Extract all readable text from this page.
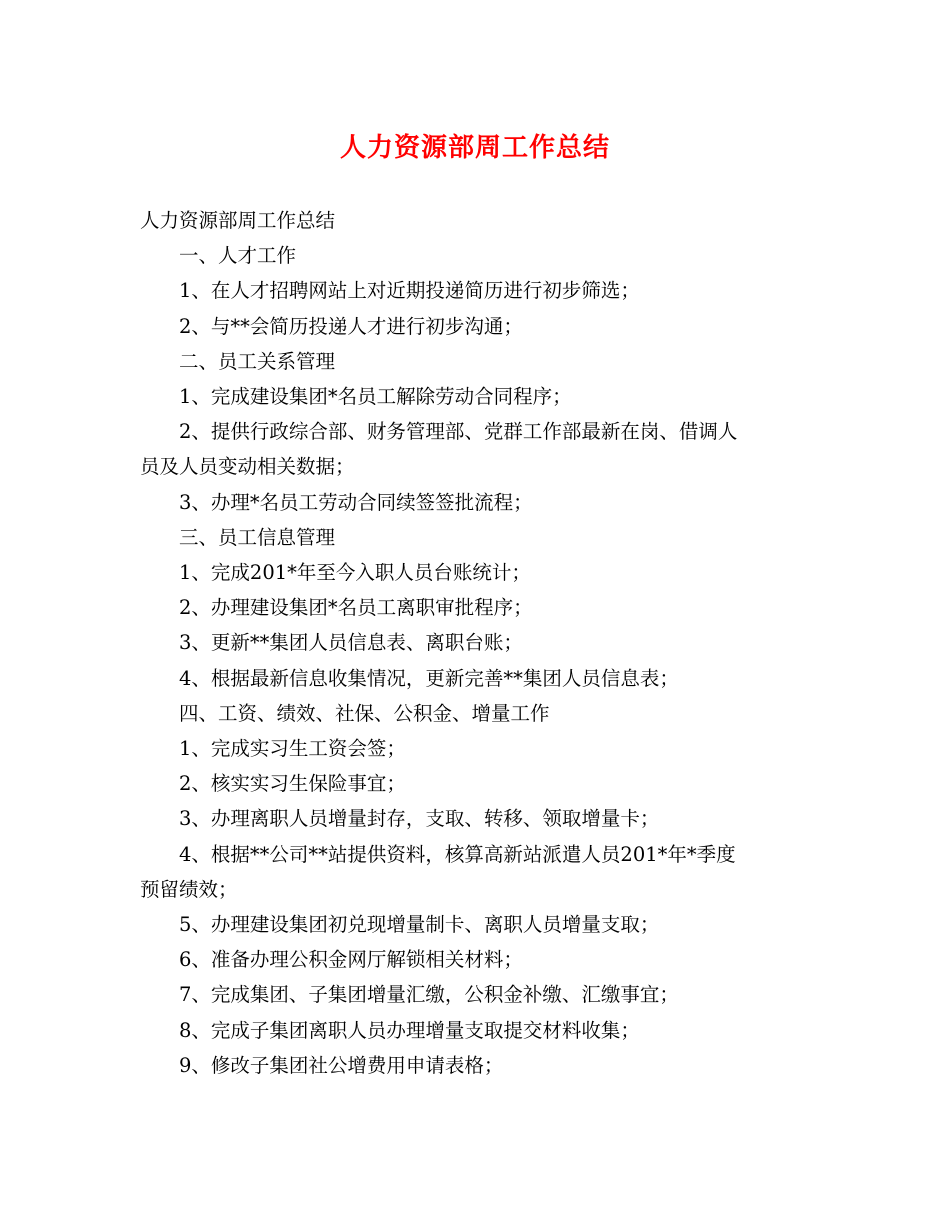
人力资源部周工作总结
人力资源部周工作总结
一、人才工作
1、在人才招聘网站上对近期投递简历进行初步筛选；
2、与**会简历投递人才进行初步沟通；
二、员工关系管理
1、完成建设集团*名员工解除劳动合同程序；
2、提供行政综合部、财务管理部、党群工作部最新在岗、借调人
员及人员变动相关数据；
3、办理*名员工劳动合同续签签批流程；
三、员工信息管理
1、完成201*年至今入职人员台账统计；
2、办理建设集团*名员工离职审批程序；
3、更新**集团人员信息表、离职台账；
4、根据最新信息收集情况，更新完善**集团人员信息表；
四、工资、绩效、社保、公积金、增量工作
1、完成实习生工资会签；
2、核实实习生保险事宜；
3、办理离职人员增量封存，支取、转移、领取增量卡；
4、根据**公司**站提供资料，核算高新站派遣人员201*年*季度
预留绩效；
5、办理建设集团初兑现增量制卡、离职人员增量支取；
6、准备办理公积金网厅解锁相关材料；
7、完成集团、子集团增量汇缴，公积金补缴、汇缴事宜；
8、完成子集团离职人员办理增量支取提交材料收集；
9、修改子集团社公增费用申请表格；
